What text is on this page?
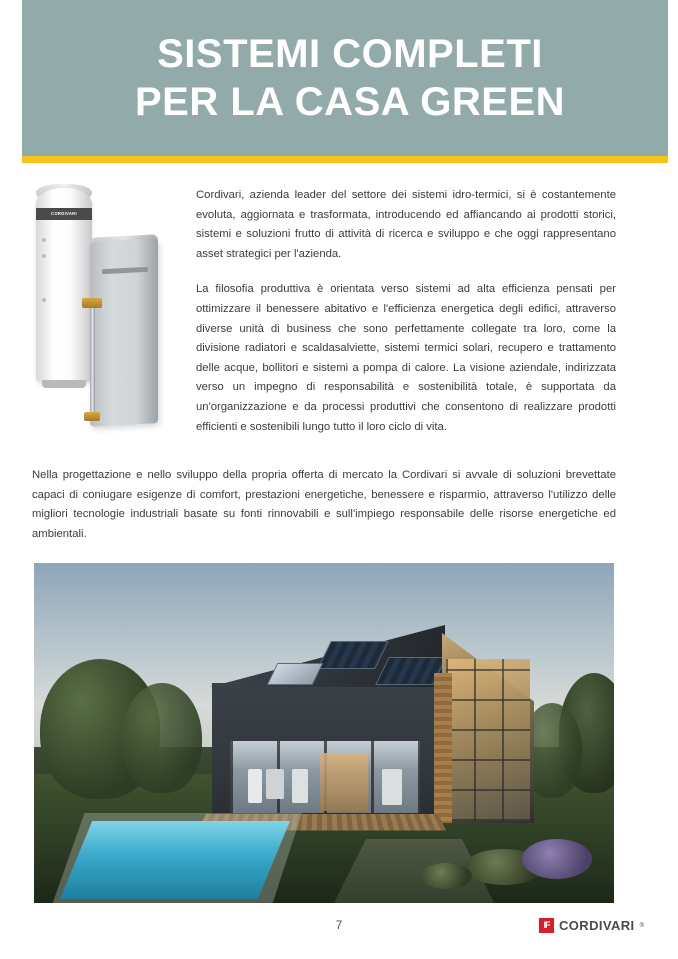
SISTEMI COMPLETI
PER LA CASA GREEN
CORDIVARI

Cordivari, azienda leader del settore dei sistemi idro-termici, si è costantemente evoluta, aggiornata e trasformata, introducendo ed affiancando ai prodotti storici, sistemi e soluzioni frutto di attività di ricerca e sviluppo e che oggi rappresentano asset strategici per l'azienda.

La filosofia produttiva è orientata verso sistemi ad alta efficienza pensati per ottimizzare il benessere abitativo e l'efficienza energetica degli edifici, attraverso diverse unità di business che sono perfettamente collegate tra loro, come la divisione radiatori e scaldasalviette, sistemi termici solari, recupero e trattamento delle acque, bollitori e sistemi a pompa di calore. La visione aziendale, indirizzata verso un impegno di responsabilità e sostenibilità totale, è supportata da un'organizzazione e da processi produttivi che consentono di realizzare prodotti efficienti e sostenibili lungo tutto il loro ciclo di vita.

Nella progettazione e nello sviluppo della propria offerta di mercato la Cordivari si avvale di soluzioni brevettate capaci di coniugare esigenze di comfort, prestazioni energetiche, benessere e risparmio, attraverso l'utilizzo delle migliori tecnologie industriali basate su fonti rinnovabili e sull'impiego responsabile delle risorse energetiche ed ambientali.

7	IF CORDIVARI ®
